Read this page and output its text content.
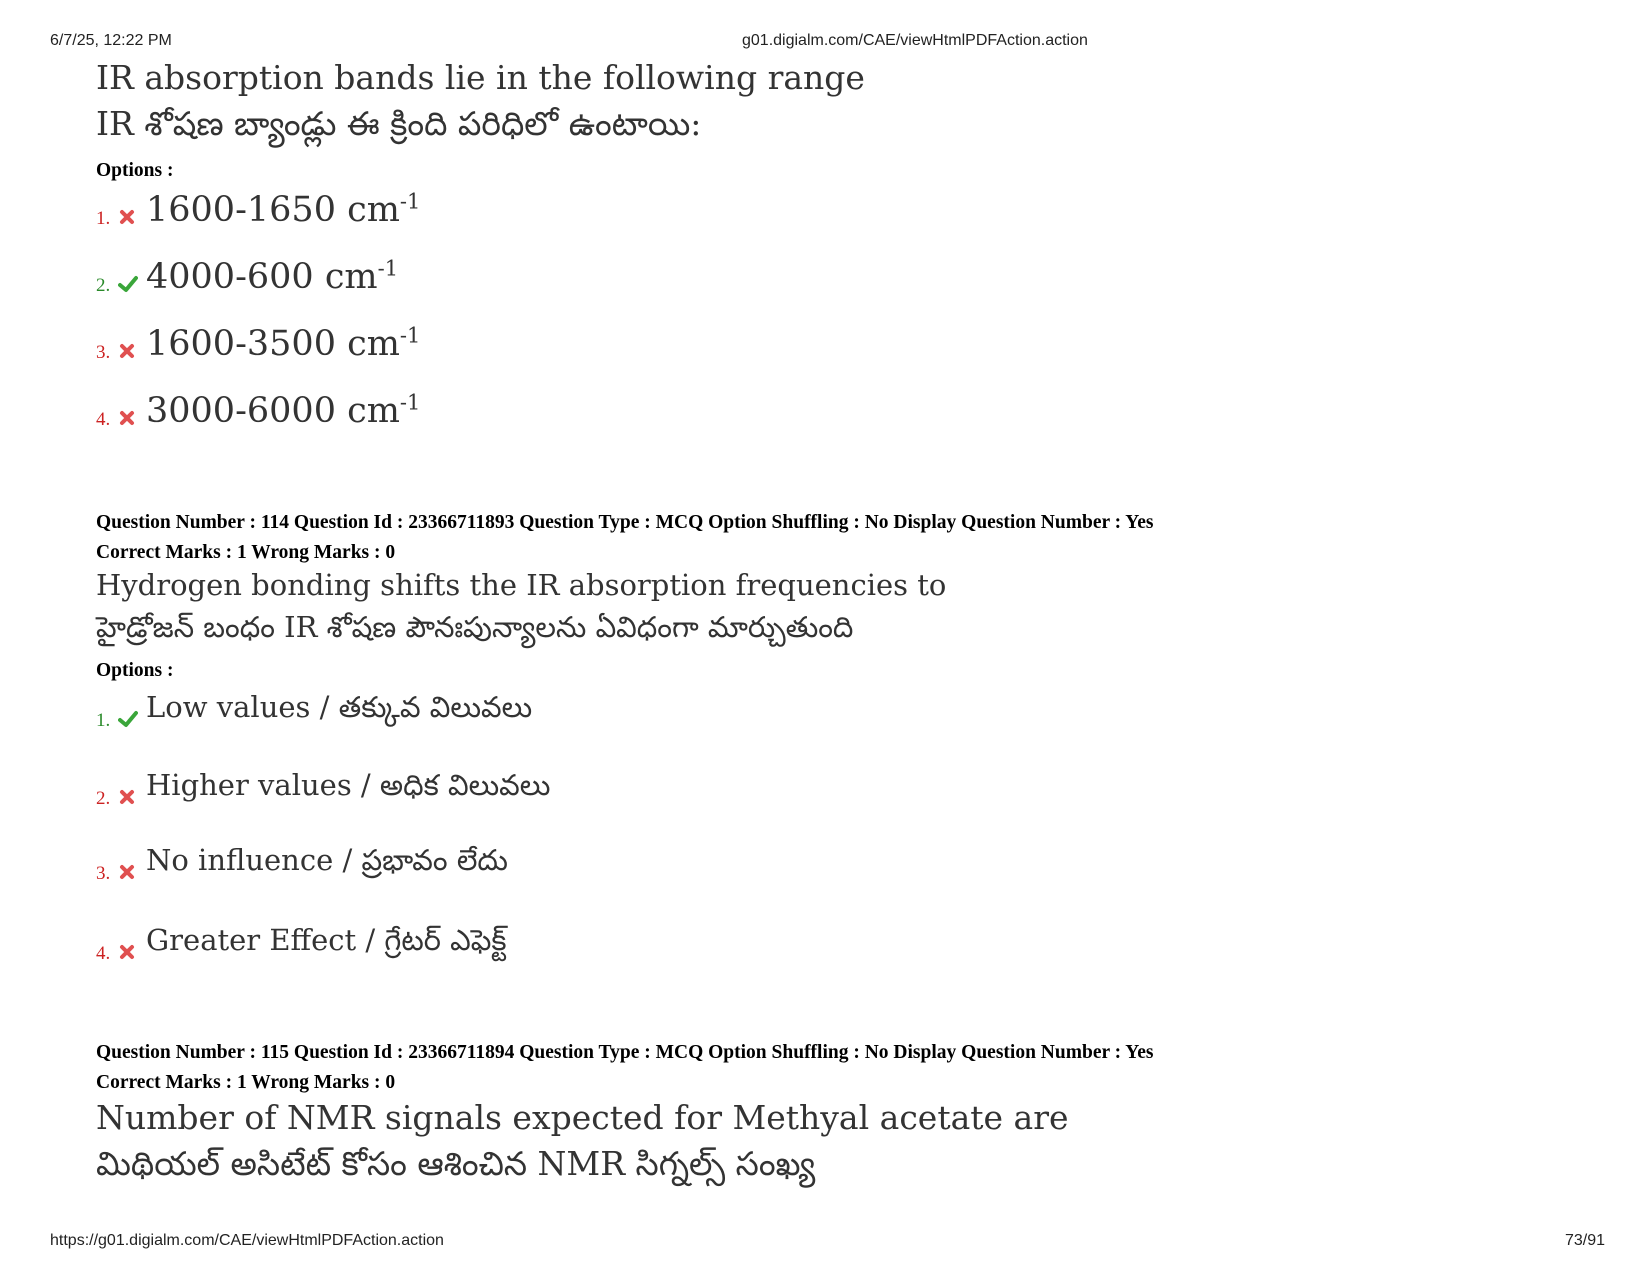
6/7/25, 12:22 PM	g01.digialm.com/CAE/viewHtmlPDFAction.action
IR absorption bands lie in the following range
IR శోషణ బ్యాండ్లు ఈ క్రింది పరిధిలో ఉంటాయి:
Options :
1. 1600-1650 $cm^{-1}$
2. 4000-600 $cm^{-1}$
3. 1600-3500 $cm^{-1}$
4. 3000-6000 $cm^{-1}$
Question Number : 114 Question Id : 23366711893 Question Type : MCQ Option Shuffling : No Display Question Number : Yes
Correct Marks : 1 Wrong Marks : 0
Hydrogen bonding shifts the IR absorption frequencies to
హైడ్రోజన్ బంధం IR శోషణ పౌనఃపున్యాలను ఏవిధంగా మార్చుతుంది
Options :
1. Low values / తక్కువ విలువలు
2. Higher values / అధిక విలువలు
3. No influence / ప్రభావం లేదు
4. Greater Effect / గ్రేటర్ ఎఫెక్ట్
Question Number : 115 Question Id : 23366711894 Question Type : MCQ Option Shuffling : No Display Question Number : Yes
Correct Marks : 1 Wrong Marks : 0
Number of NMR signals expected for Methyal acetate are
మిథియల్ అసిటేట్ కోసం ఆశించిన NMR సిగ్నల్స్ సంఖ్య
https://g01.digialm.com/CAE/viewHtmlPDFAction.action	73/91
